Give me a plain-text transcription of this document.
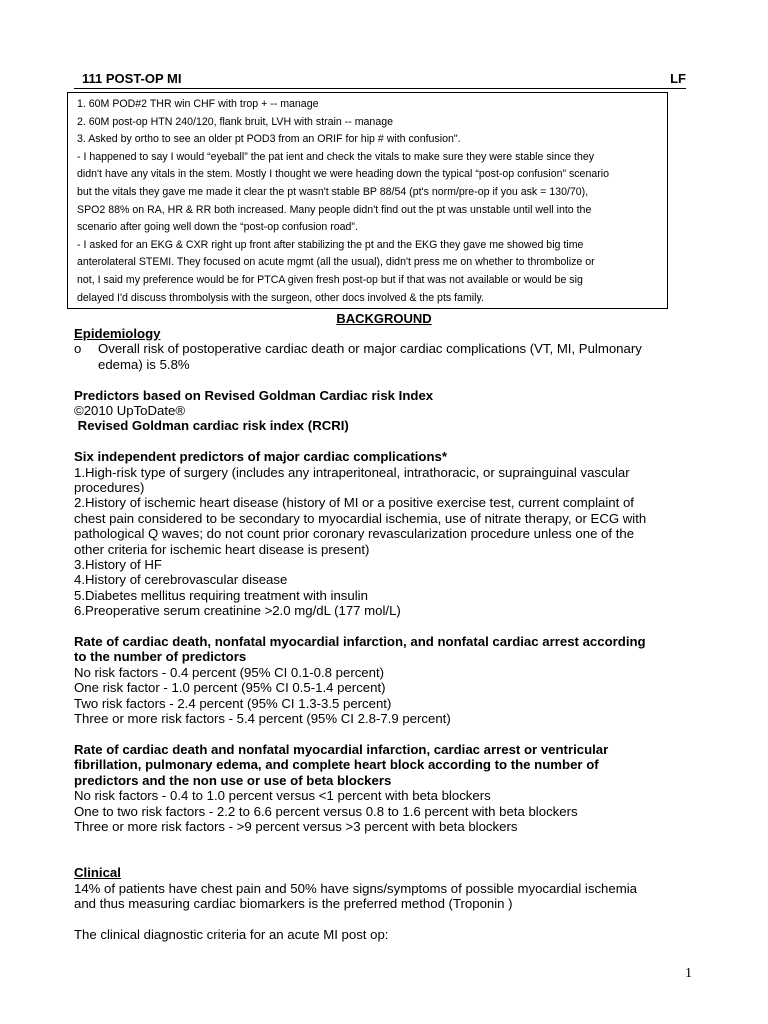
111 POST-OP MI	LF

1. 60M POD#2 THR win CHF with trop + -- manage

2. 60M post-op HTN 240/120, flank bruit, LVH with strain -- manage

3. Asked by ortho to see an older pt POD3 from an ORIF for hip # with confusion".

- I happened to say I would “eyeball” the pat ient and check the vitals to make sure they were stable since they

didn't have any vitals in the stem. Mostly I thought we were heading down the typical “post-op confusion” scenario

but the vitals they gave me made it clear the pt wasn't stable BP 88/54 (pt's norm/pre-op if you ask = 130/70),

SPO2 88% on RA, HR & RR both increased. Many people didn't find out the pt was unstable until well into the

scenario after going well down the “post-op confusion road”.

- I asked for an EKG & CXR right up front after stabilizing the pt and the EKG they gave me showed big time

anterolateral STEMI. They focused on acute mgmt (all the usual), didn't press me on whether to thrombolize or

not, I said my preference would be for PTCA given fresh post-op but if that was not available or would be sig

delayed I'd discuss thrombolysis with the surgeon, other docs involved & the pts family.

BACKGROUND

Epidemiology

o	Overall risk of postoperative cardiac death or major cardiac complications (VT, MI, Pulmonary

edema) is 5.8%

Predictors based on Revised Goldman Cardiac risk Index

©2010 UpToDate®

Revised Goldman cardiac risk index (RCRI)

Six independent predictors of major cardiac complications*

1.High-risk type of surgery (includes any intraperitoneal, intrathoracic, or suprainguinal vascular

procedures)

2.History of ischemic heart disease (history of MI or a positive exercise test, current complaint of

chest pain considered to be secondary to myocardial ischemia, use of nitrate therapy, or ECG with

pathological Q waves; do not count prior coronary revascularization procedure unless one of the

other criteria for ischemic heart disease is present)

3.History of HF

4.History of cerebrovascular disease

5.Diabetes mellitus requiring treatment with insulin

6.Preoperative serum creatinine >2.0 mg/dL (177 mol/L)

Rate of cardiac death, nonfatal myocardial infarction, and nonfatal cardiac arrest according

to the number of predictors

No risk factors - 0.4 percent (95% CI 0.1-0.8 percent)

One risk factor - 1.0 percent (95% CI 0.5-1.4 percent)

Two risk factors - 2.4 percent (95% CI 1.3-3.5 percent)

Three or more risk factors - 5.4 percent (95% CI 2.8-7.9 percent)

Rate of cardiac death and nonfatal myocardial infarction, cardiac arrest or ventricular

fibrillation, pulmonary edema, and complete heart block according to the number of

predictors and the non use or use of beta blockers

No risk factors - 0.4 to 1.0 percent versus <1 percent with beta blockers

One to two risk factors - 2.2 to 6.6 percent versus 0.8 to 1.6 percent with beta blockers

Three or more risk factors - >9 percent versus >3 percent with beta blockers

Clinical

14% of patients have chest pain and 50% have signs/symptoms of possible myocardial ischemia

and thus measuring cardiac biomarkers is the preferred method (Troponin )

The clinical diagnostic criteria for an acute MI post op:

1
